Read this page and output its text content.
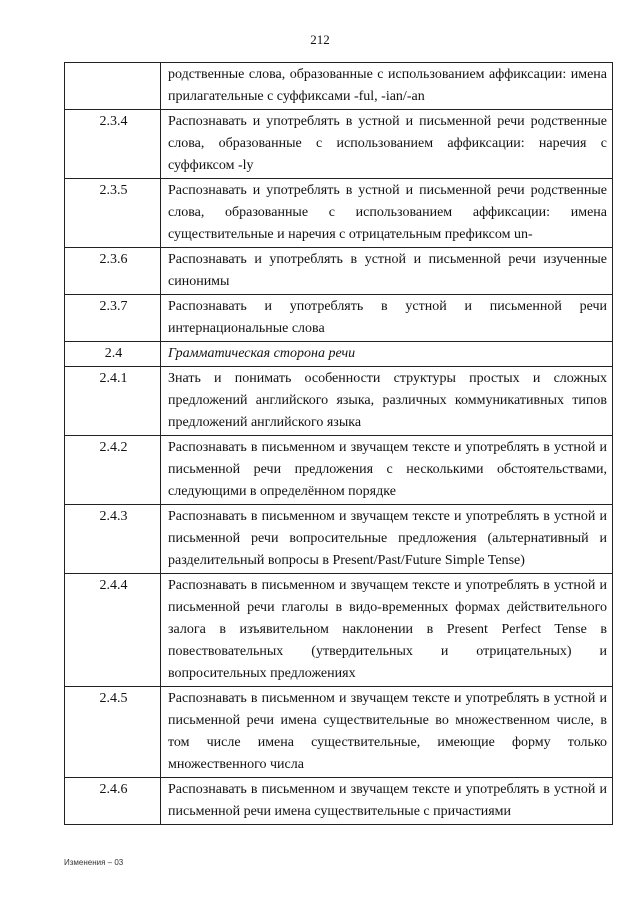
212
	родственные слова, образованные с использованием аффиксации: имена прилагательные с суффиксами -ful, -ian/-an
2.3.4	Распознавать и употреблять в устной и письменной речи родственные слова, образованные с использованием аффиксации: наречия с суффиксом -ly
2.3.5	Распознавать и употреблять в устной и письменной речи родственные слова, образованные с использованием аффиксации: имена существительные и наречия с отрицательным префиксом un-
2.3.6	Распознавать и употреблять в устной и письменной речи изученные синонимы
2.3.7	Распознавать и употреблять в устной и письменной речи интернациональные слова
2.4	Грамматическая сторона речи
2.4.1	Знать и понимать особенности структуры простых и сложных предложений английского языка, различных коммуникативных типов предложений английского языка
2.4.2	Распознавать в письменном и звучащем тексте и употреблять в устной и письменной речи предложения с несколькими обстоятельствами, следующими в определённом порядке
2.4.3	Распознавать в письменном и звучащем тексте и употреблять в устной и письменной речи вопросительные предложения (альтернативный и разделительный вопросы в Present/Past/Future Simple Tense)
2.4.4	Распознавать в письменном и звучащем тексте и употреблять в устной и письменной речи глаголы в видо-временных формах действительного залога в изъявительном наклонении в Present Perfect Tense в повествовательных (утвердительных и отрицательных) и вопросительных предложениях
2.4.5	Распознавать в письменном и звучащем тексте и употреблять в устной и письменной речи имена существительные во множественном числе, в том числе имена существительные, имеющие форму только множественного числа
2.4.6	Распознавать в письменном и звучащем тексте и употреблять в устной и письменной речи имена существительные с причастиями
Изменения – 03
